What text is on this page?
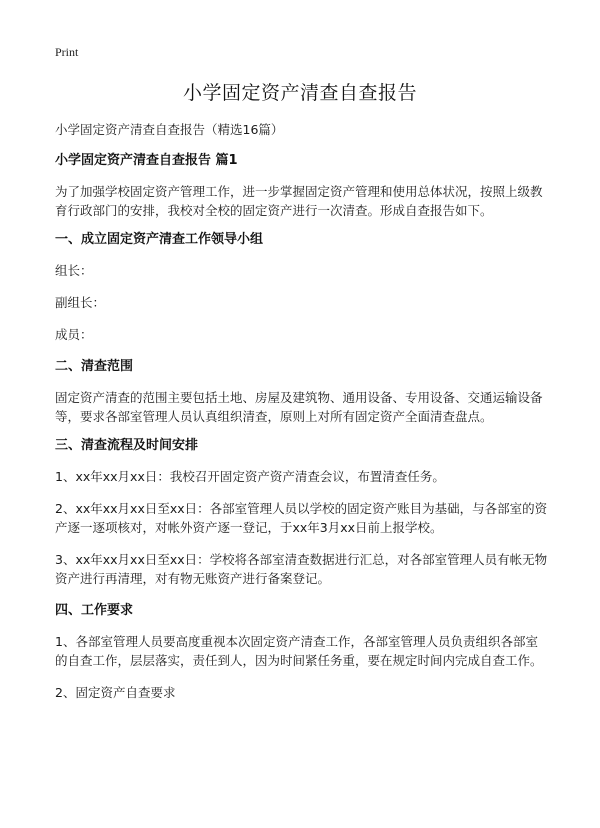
Print
小学固定资产清查自查报告

小学固定资产清查自查报告（精选16篇）

小学固定资产清查自查报告 篇1

为了加强学校固定资产管理工作，进一步掌握固定资产管理和使用总体状况，按照上级教育行政部门的安排，我校对全校的固定资产进行一次清查。形成自查报告如下。

一、成立固定资产清查工作领导小组

组长：

副组长：

成员：

二、清查范围

固定资产清查的范围主要包括土地、房屋及建筑物、通用设备、专用设备、交通运输设备等，要求各部室管理人员认真组织清查，原则上对所有固定资产全面清查盘点。

三、清查流程及时间安排

1、xx年xx月xx日：我校召开固定资产资产清查会议，布置清查任务。

2、xx年xx月xx日至xx日：各部室管理人员以学校的固定资产账目为基础，与各部室的资产逐一逐项核对，对帐外资产逐一登记，于xx年3月xx日前上报学校。

3、xx年xx月xx日至xx日：学校将各部室清查数据进行汇总，对各部室管理人员有帐无物资产进行再清理，对有物无账资产进行备案登记。

四、工作要求

1、各部室管理人员要高度重视本次固定资产清查工作，各部室管理人员负责组织各部室的自查工作，层层落实，责任到人，因为时间紧任务重，要在规定时间内完成自查工作。

2、固定资产自查要求
